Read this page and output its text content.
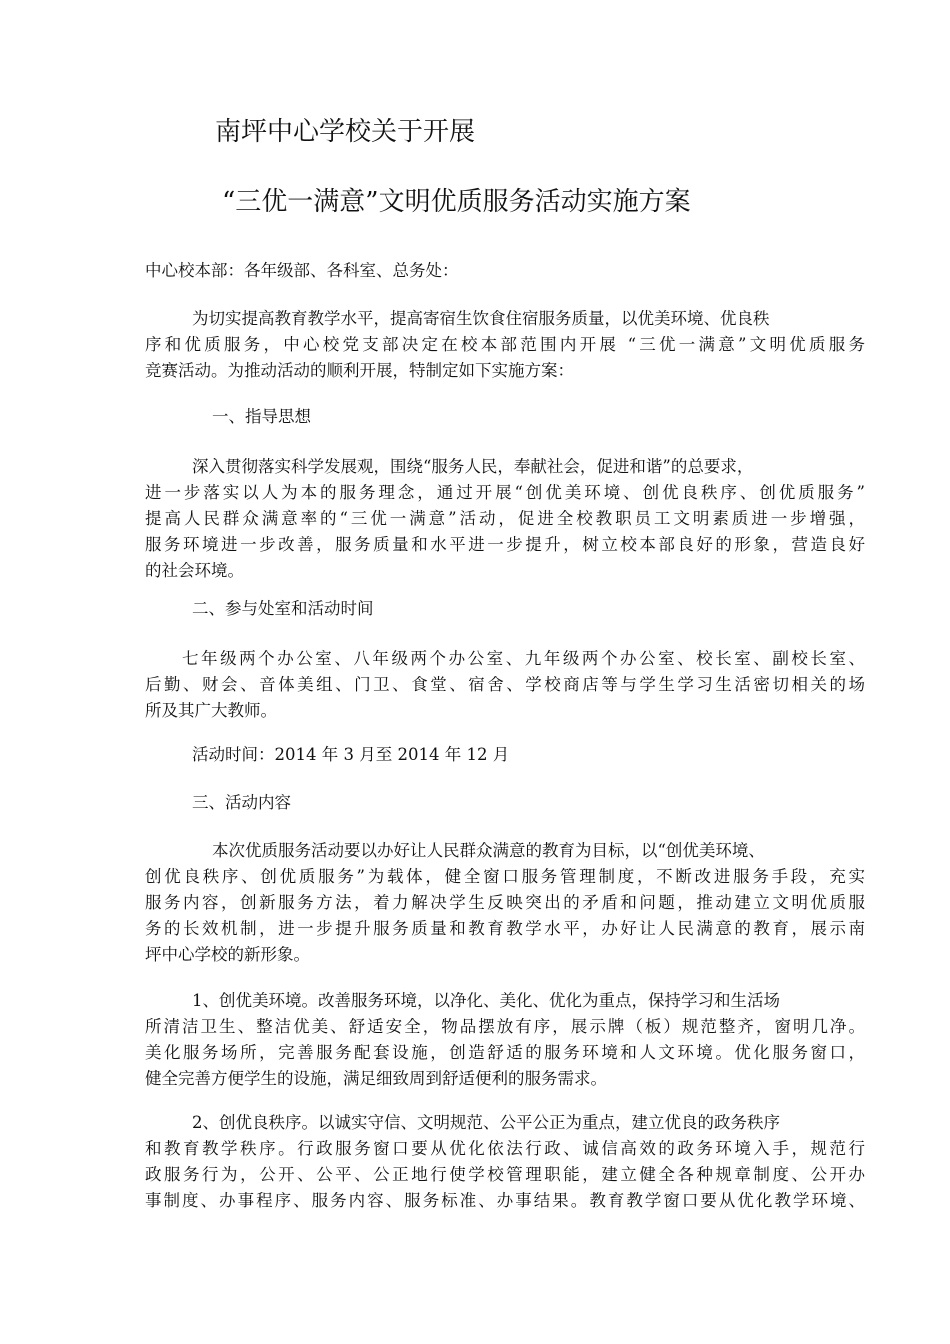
南坪中心学校关于开展
“三优一满意”文明优质服务活动实施方案
中心校本部：各年级部、各科室、总务处：
为切实提高教育教学水平，提高寄宿生饮食住宿服务质量，以优美环境、优良秩
序和优质服务，中心校党支部决定在校本部范围内开展 “三优一满意”文明优质服务
竞赛活动。为推动活动的顺利开展，特制定如下实施方案：
一、指导思想
深入贯彻落实科学发展观，围绕“服务人民，奉献社会，促进和谐”的总要求，
进一步落实以人为本的服务理念，通过开展“创优美环境、创优良秩序、创优质服务”
提高人民群众满意率的“三优一满意”活动，促进全校教职员工文明素质进一步增强，
服务环境进一步改善，服务质量和水平进一步提升，树立校本部良好的形象，营造良好
的社会环境。
二、参与处室和活动时间
七年级两个办公室、八年级两个办公室、九年级两个办公室、校长室、副校长室、
后勤、财会、音体美组、门卫、食堂、宿舍、学校商店等与学生学习生活密切相关的场
所及其广大教师。
活动时间：2014 年 3 月至 2014 年 12 月
三、活动内容
本次优质服务活动要以办好让人民群众满意的教育为目标，以“创优美环境、
创优良秩序、创优质服务”为载体，健全窗口服务管理制度，不断改进服务手段，充实
服务内容，创新服务方法，着力解决学生反映突出的矛盾和问题，推动建立文明优质服
务的长效机制，进一步提升服务质量和教育教学水平，办好让人民满意的教育，展示南
坪中心学校的新形象。
1、创优美环境。改善服务环境，以净化、美化、优化为重点，保持学习和生活场
所清洁卫生、整洁优美、舒适安全，物品摆放有序，展示牌（板）规范整齐，窗明几净。
美化服务场所，完善服务配套设施，创造舒适的服务环境和人文环境。优化服务窗口，
健全完善方便学生的设施，满足细致周到舒适便利的服务需求。
2、创优良秩序。以诚实守信、文明规范、公平公正为重点，建立优良的政务秩序
和教育教学秩序。行政服务窗口要从优化依法行政、诚信高效的政务环境入手，规范行
政服务行为，公开、公平、公正地行使学校管理职能，建立健全各种规章制度、公开办
事制度、办事程序、服务内容、服务标准、办事结果。教育教学窗口要从优化教学环境、
